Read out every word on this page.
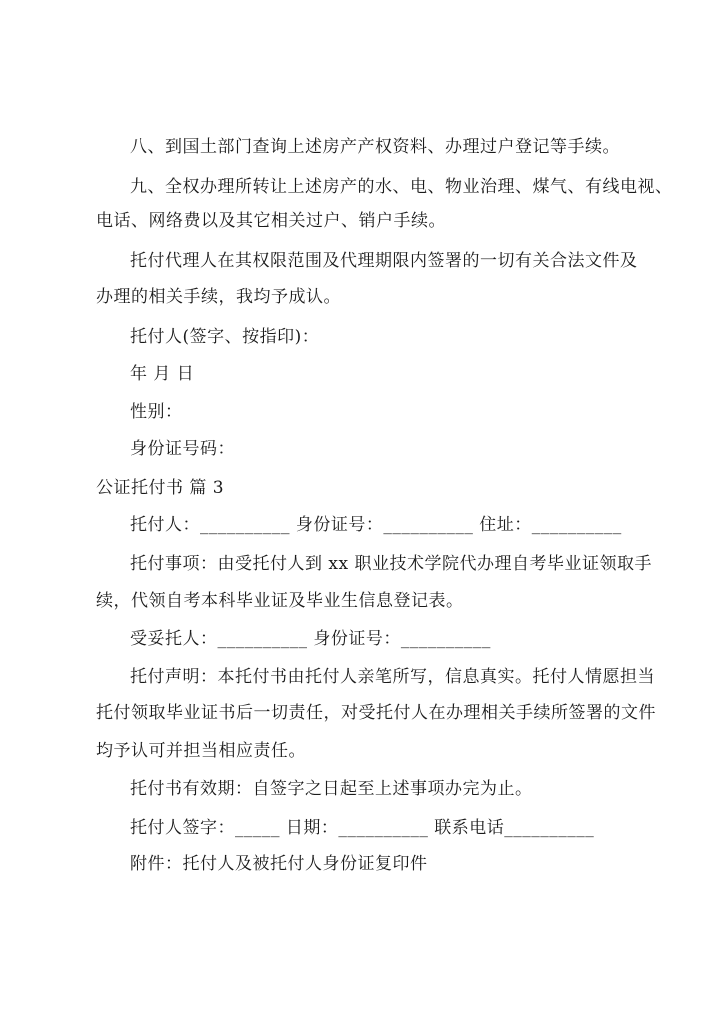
八、到国土部门查询上述房产产权资料、办理过户登记等手续。
九、全权办理所转让上述房产的水、电、物业治理、煤气、有线电视、
电话、网络费以及其它相关过户、销户手续。
托付代理人在其权限范围及代理期限内签署的一切有关合法文件及
办理的相关手续，我均予成认。
托付人(签字、按指印)：
年 月 日
性别：
身份证号码：
公证托付书 篇 3
托付人：__________ 身份证号：__________ 住址：__________
托付事项：由受托付人到 xx 职业技术学院代办理自考毕业证领取手
续，代领自考本科毕业证及毕业生信息登记表。
受妥托人：__________ 身份证号：__________
托付声明：本托付书由托付人亲笔所写，信息真实。托付人情愿担当
托付领取毕业证书后一切责任，对受托付人在办理相关手续所签署的文件
均予认可并担当相应责任。
托付书有效期：自签字之日起至上述事项办完为止。
托付人签字：_____ 日期：__________ 联系电话__________
附件：托付人及被托付人身份证复印件
